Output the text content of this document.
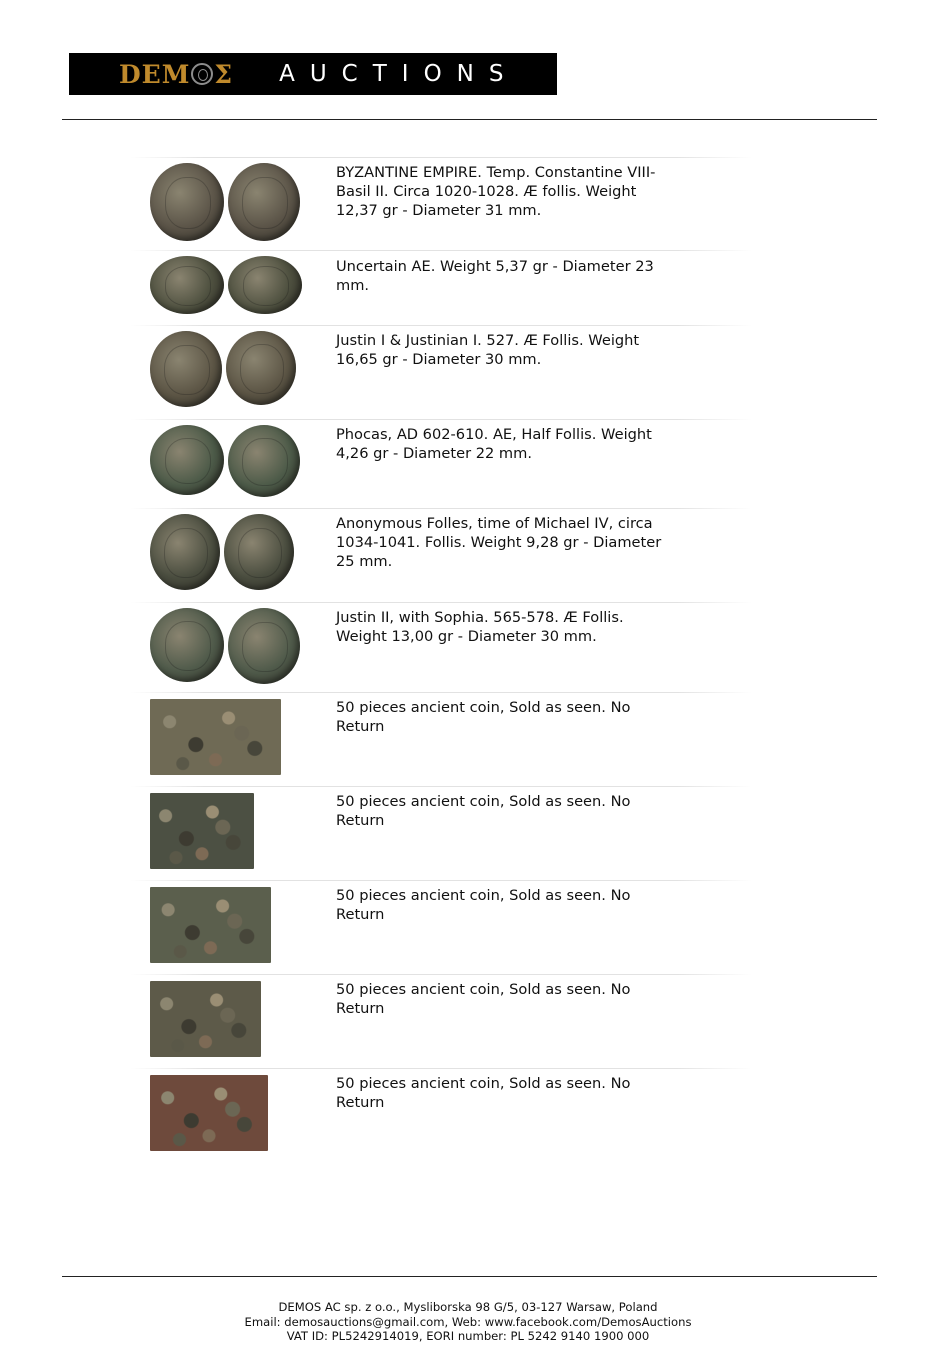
DEM Σ AUCTIONS
BYZANTINE EMPIRE. Temp. Constantine VIII-Basil II. Circa 1020-1028. Æ follis. Weight 12,37 gr - Diameter 31 mm.
Uncertain AE. Weight 5,37 gr - Diameter 23 mm.
Justin I & Justinian I. 527. Æ Follis. Weight 16,65 gr - Diameter 30 mm.
Phocas, AD 602-610. AE, Half Follis. Weight 4,26 gr - Diameter 22 mm.
Anonymous Folles, time of Michael IV, circa 1034-1041. Follis. Weight 9,28 gr - Diameter 25 mm.
Justin II, with Sophia. 565-578. Æ Follis. Weight 13,00 gr - Diameter 30 mm.
50 pieces ancient coin, Sold as seen. No Return
50 pieces ancient coin, Sold as seen. No Return
50 pieces ancient coin, Sold as seen. No Return
50 pieces ancient coin, Sold as seen. No Return
50 pieces ancient coin, Sold as seen. No Return
DEMOS AC sp. z o.o., Mysliborska 98 G/5, 03-127 Warsaw, Poland
Email: demosauctions@gmail.com, Web: www.facebook.com/DemosAuctions
VAT ID: PL5242914019, EORI number: PL 5242 9140 1900 000
